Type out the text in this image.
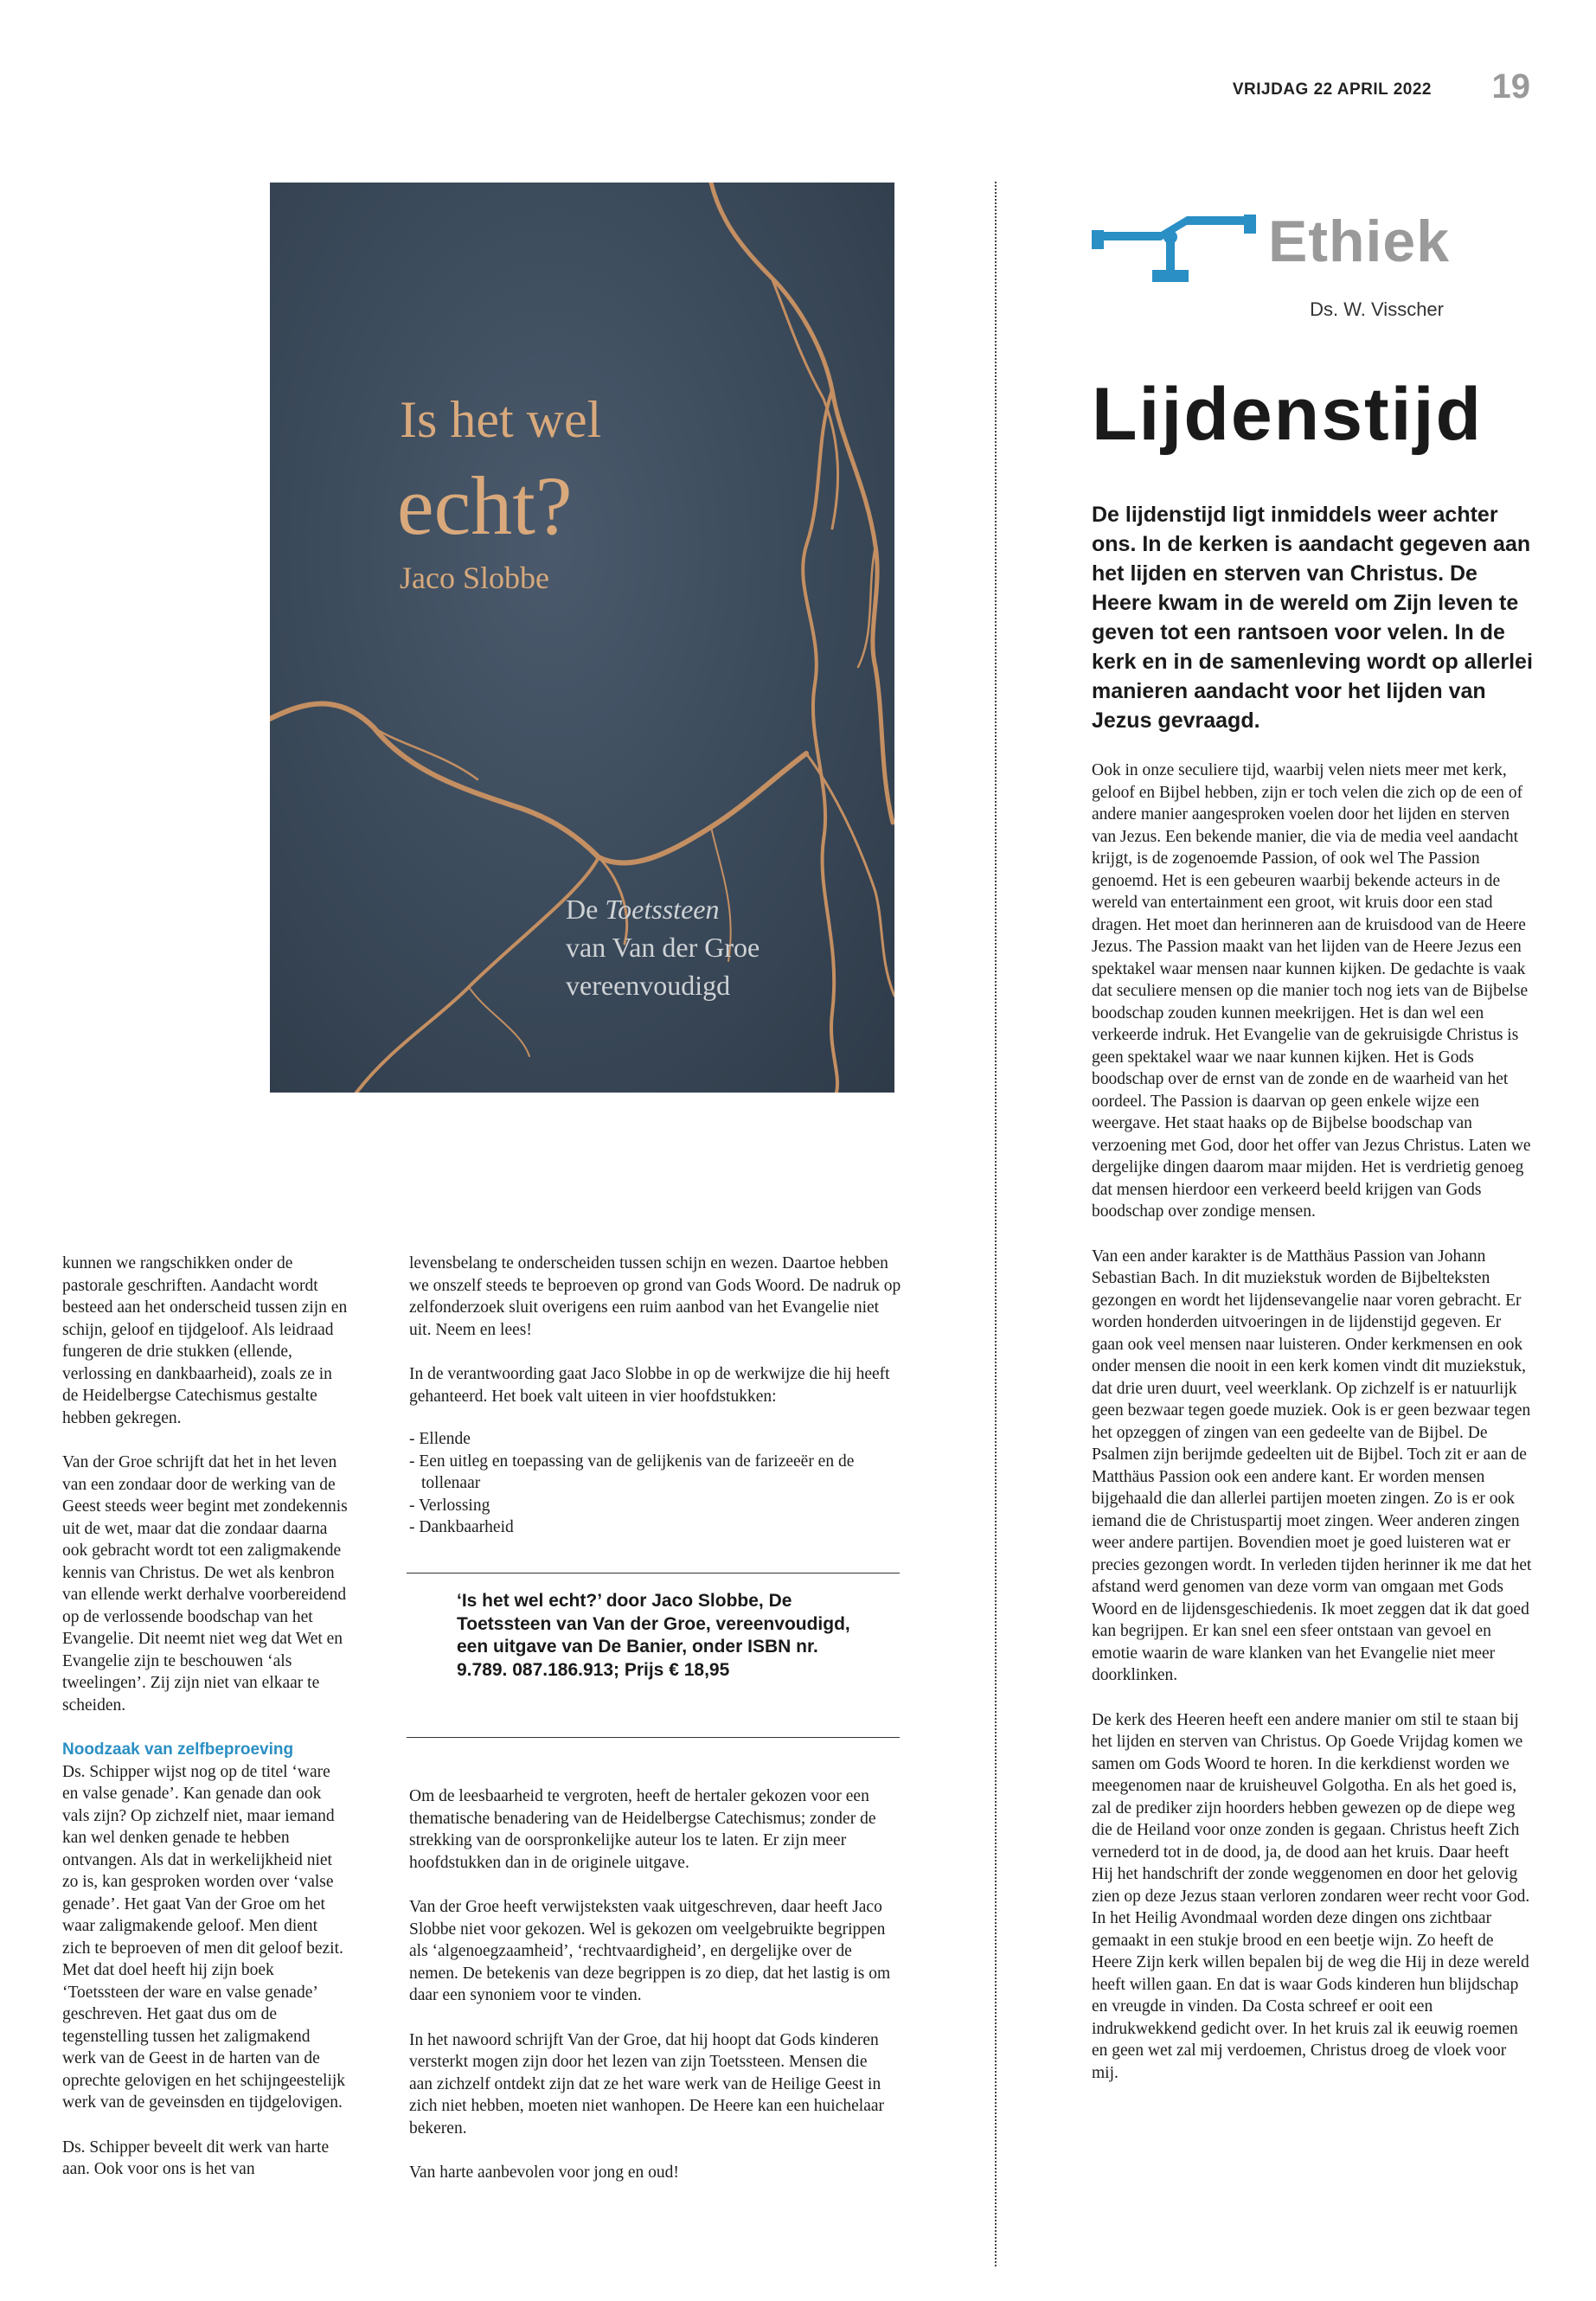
VRIJDAG 22 APRIL 2022 19
Is het wel
echt?
Jaco Slobbe
De Toetssteen
van Van der Groe
vereenvoudigd
Ethiek
Ds. W. Visscher
Lijdenstijd
De lijdenstijd ligt inmiddels weer achter ons. In de kerken is aandacht gegeven aan het lijden en sterven van Christus. De Heere kwam in de wereld om Zijn leven te geven tot een rantsoen voor velen. In de kerk en in de samenleving wordt op allerlei manieren aandacht voor het lijden van Jezus gevraagd.

Ook in onze seculiere tijd, waarbij velen niets meer met kerk, geloof en Bijbel hebben, zijn er toch velen die zich op de een of andere manier aangesproken voelen door het lijden en sterven van Jezus. Een bekende manier, die via de media veel aandacht krijgt, is de zogenoemde Passion, of ook wel The Passion genoemd. Het is een gebeuren waarbij bekende acteurs in de wereld van entertainment een groot, wit kruis door een stad dragen. Het moet dan herinneren aan de kruisdood van de Heere Jezus. The Passion maakt van het lijden van de Heere Jezus een spektakel waar mensen naar kunnen kijken. De gedachte is vaak dat seculiere mensen op die manier toch nog iets van de Bijbelse boodschap zouden kunnen meekrijgen. Het is dan wel een verkeerde indruk. Het Evangelie van de gekruisigde Christus is geen spektakel waar we naar kunnen kijken. Het is Gods boodschap over de ernst van de zonde en de waarheid van het oordeel. The Passion is daarvan op geen enkele wijze een weergave. Het staat haaks op de Bijbelse boodschap van verzoening met God, door het offer van Jezus Christus. Laten we dergelijke dingen daarom maar mijden. Het is verdrietig genoeg dat mensen hierdoor een verkeerd beeld krijgen van Gods boodschap over zondige mensen.

Van een ander karakter is de Matthäus Passion van Johann Sebastian Bach. In dit muziekstuk worden de Bijbelteksten gezongen en wordt het lijdensevangelie naar voren gebracht. Er worden honderden uitvoeringen in de lijdenstijd gegeven. Er gaan ook veel mensen naar luisteren. Onder kerkmensen en ook onder mensen die nooit in een kerk komen vindt dit muziekstuk, dat drie uren duurt, veel weerklank. Op zichzelf is er natuurlijk geen bezwaar tegen goede muziek. Ook is er geen bezwaar tegen het opzeggen of zingen van een gedeelte van de Bijbel. De Psalmen zijn berijmde gedeelten uit de Bijbel. Toch zit er aan de Matthäus Passion ook een andere kant. Er worden mensen bijgehaald die dan allerlei partijen moeten zingen. Zo is er ook iemand die de Christuspartij moet zingen. Weer anderen zingen weer andere partijen. Bovendien moet je goed luisteren wat er precies gezongen wordt. In verleden tijden herinner ik me dat het afstand werd genomen van deze vorm van omgaan met Gods Woord en de lijdensgeschiedenis. Ik moet zeggen dat ik dat goed kan begrijpen. Er kan snel een sfeer ontstaan van gevoel en emotie waarin de ware klanken van het Evangelie niet meer doorklinken.

De kerk des Heeren heeft een andere manier om stil te staan bij het lijden en sterven van Christus. Op Goede Vrijdag komen we samen om Gods Woord te horen. In die kerkdienst worden we meegenomen naar de kruisheuvel Golgotha. En als het goed is, zal de prediker zijn hoorders hebben gewezen op de diepe weg die de Heiland voor onze zonden is gegaan. Christus heeft Zich vernederd tot in de dood, ja, de dood aan het kruis. Daar heeft Hij het handschrift der zonde weggenomen en door het gelovig zien op deze Jezus staan verloren zondaren weer recht voor God. In het Heilig Avondmaal worden deze dingen ons zichtbaar gemaakt in een stukje brood en een beetje wijn. Zo heeft de Heere Zijn kerk willen bepalen bij de weg die Hij in deze wereld heeft willen gaan. En dat is waar Gods kinderen hun blijdschap en vreugde in vinden. Da Costa schreef er ooit een indrukwekkend gedicht over. In het kruis zal ik eeuwig roemen en geen wet zal mij verdoemen, Christus droeg de vloek voor mij.

kunnen we rangschikken onder de pastorale geschriften. Aandacht wordt besteed aan het onderscheid tussen zijn en schijn, geloof en tijdgeloof. Als leidraad fungeren de drie stukken (ellende, verlossing en dankbaarheid), zoals ze in de Heidelbergse Catechismus gestalte hebben gekregen.

Van der Groe schrijft dat het in het leven van een zondaar door de werking van de Geest steeds weer begint met zondekennis uit de wet, maar dat die zondaar daarna ook gebracht wordt tot een zaligmakende kennis van Christus. De wet als kenbron van ellende werkt derhalve voorbereidend op de verlossende boodschap van het Evangelie. Dit neemt niet weg dat Wet en Evangelie zijn te beschouwen ‘als tweelingen’. Zij zijn niet van elkaar te scheiden.

Noodzaak van zelfbeproeving
Ds. Schipper wijst nog op de titel ‘ware en valse genade’. Kan genade dan ook vals zijn? Op zichzelf niet, maar iemand kan wel denken genade te hebben ontvangen. Als dat in werkelijkheid niet zo is, kan gesproken worden over ‘valse genade’. Het gaat Van der Groe om het waar zaligmakende geloof. Men dient zich te beproeven of men dit geloof bezit. Met dat doel heeft hij zijn boek ‘Toetssteen der ware en valse genade’ geschreven. Het gaat dus om de tegenstelling tussen het zaligmakend werk van de Geest in de harten van de oprechte gelovigen en het schijngeestelijk werk van de geveinsden en tijdgelovigen.

Ds. Schipper beveelt dit werk van harte aan. Ook voor ons is het van

levensbelang te onderscheiden tussen schijn en wezen. Daartoe hebben we onszelf steeds te beproeven op grond van Gods Woord. De nadruk op zelfonderzoek sluit overigens een ruim aanbod van het Evangelie niet uit. Neem en lees!

In de verantwoording gaat Jaco Slobbe in op de werkwijze die hij heeft gehanteerd. Het boek valt uiteen in vier hoofdstukken:

- Ellende
- Een uitleg en toepassing van de gelijkenis van de farizeeër en de tollenaar
- Verlossing
- Dankbaarheid
‘Is het wel echt?’ door Jaco Slobbe, De Toetssteen van Van der Groe, vereenvoudigd, een uitgave van De Banier, onder ISBN nr. 9.789. 087.186.913; Prijs € 18,95

Om de leesbaarheid te vergroten, heeft de hertaler gekozen voor een thematische benadering van de Heidelbergse Catechismus; zonder de strekking van de oorspronkelijke auteur los te laten. Er zijn meer hoofdstukken dan in de originele uitgave.

Van der Groe heeft verwijsteksten vaak uitgeschreven, daar heeft Jaco Slobbe niet voor gekozen. Wel is gekozen om veelgebruikte begrippen als ‘algenoegzaamheid’, ‘rechtvaardigheid’, en dergelijke over de nemen. De betekenis van deze begrippen is zo diep, dat het lastig is om daar een synoniem voor te vinden.

In het nawoord schrijft Van der Groe, dat hij hoopt dat Gods kinderen versterkt mogen zijn door het lezen van zijn Toetssteen. Mensen die aan zichzelf ontdekt zijn dat ze het ware werk van de Heilige Geest in zich niet hebben, moeten niet wanhopen. De Heere kan een huichelaar bekeren.

Van harte aanbevolen voor jong en oud!
